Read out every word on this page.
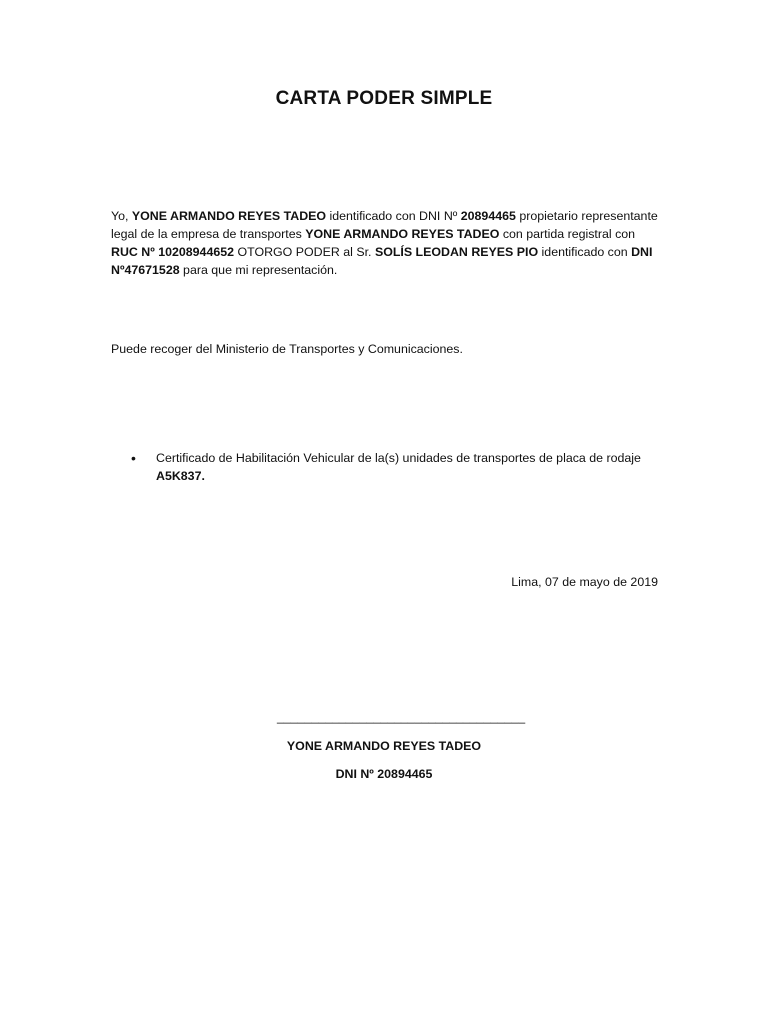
CARTA PODER SIMPLE
Yo, YONE ARMANDO REYES TADEO identificado con DNI Nº 20894465 propietario representante legal de la empresa de transportes YONE ARMANDO REYES TADEO con partida registral con RUC Nº 10208944652 OTORGO PODER al Sr. SOLÍS LEODAN REYES PIO identificado con DNI Nº47671528 para que mi representación.
Puede recoger del Ministerio de Transportes y Comunicaciones.
• Certificado de Habilitación Vehicular de la(s) unidades de transportes de placa de rodaje A5K837.
Lima, 07 de mayo de 2019
____________________________________
YONE ARMANDO REYES TADEO
DNI Nº 20894465
